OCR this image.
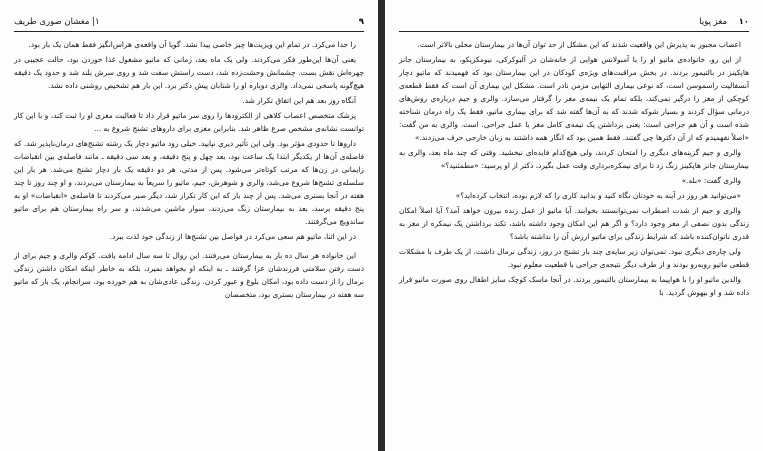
۹
۱| مغشان صوری طریف

را جدا می‌کرد. در تمام این ویزیت‌ها چیز خاصی پیدا نشد. گویا آن واقعه‌ی هراس‌انگیز فقط همان یک بار بود.

یعنی آن‌ها این‌طور فکر می‌کردند. ولی یک ماه بعد، زمانی که ماتیو مشغول غذا خوردن بود، حالت عجیبی در چهره‌اش نقش بست. چشمانش وحشت‌زده شد، دست راستش سفت شد و روی سرش بلند شد و حدود یک دقیقه هیچ‌گونه پاسخی نمی‌داد. والری دوباره او را شتابان پیش دکتر برد. این بار هم تشخیص روشنی داده نشد.

آنگاه روز بعد هم این اتفاق تکرار شد.

پزشک متخصص اعصاب کلاهی از الکترودها را روی سر ماتیو قرار داد تا فعالیت مغزی او را ثبت کند، و با این کار توانست نشانه‌ی مشخص صرع ظاهر شد. بنابراین مغزی برای داروهای تشنج شروع به ...

داروها تا حدودی مؤثر بود. ولی این تأثیر دیری نپایید. خیلی زود ماتیو دچار یک رشته تشنج‌های درمان‌ناپذیر شد. که فاصله‌ی آن‌ها از یکدیگر ابتدا یک ساعت بود، بعد چهل و پنج دقیقه، و بعد سی دقیقه ـ مانند فاصله‌ی بین انقباضات زایمانی در زن‌ها که مرتب کوتاه‌تر می‌شود. پس از مدتی، هر دو دقیقه یک بار دچار تشنج می‌شد. هر بار این سلسله‌ی تشنج‌ها شروع می‌شد، والری و شوهرش، جیم، ماتیو را سریعاً به بیمارستان می‌بردند، و او چند روز تا چند هفته در آنجا بستری می‌شد. پس از چند بار که این کار تکرار شد، دیگر صبر می‌کردند تا فاصله‌ی «انقباضات» او به پنج دقیقه برسد، بعد به بیمارستان زنگ می‌زدند، سوار ماشین می‌شدند، و سر راه بیمارستان هم برای ماتیو ساندویچ می‌گرفتند.

در این اثنا، ماتیو هم سعی می‌کرد در فواصل بین تشنج‌ها از زندگی خود لذت ببرد.

این خانواده هر سال ده بار به بیمارستان می‌رفتند. این روال تا سه سال ادامه یافت. کوکم والری و جیم برای از دست رفتن سلامتی فرزندشان عزا گرفتند ـ به اینکه او بخواهد بمیرد، بلکه به خاطر اینکه امکان داشتن زندگی نرمال را از دست داده بود، امکان بلوغ و عبور کردن. زندگی عادی‌شان به هم خورده بود. سرانجام، یک بار که ماتیو سه هفته در بیمارستان بستری بود، متخصصان

۱۰
مغز پویا

اعصاب مجبور به پذیرش این واقعیت شدند که این مشکل از حد توان آن‌ها در بیمارستان محلی بالاتر است.

از این رو، خانواده‌ی ماتیو او را با آمبولانس هوایی از خانه‌شان در آلبوکرکی، نیومکزیکو، به بیمارستان جانز هاپکینز در بالتیمور بردند. در بخش مراقبت‌های ویژه‌ی کودکان در این بیمارستان بود که فهمیدند که ماتیو دچار آنسفالیت راسموسن است، که نوعی بیماری التهابی مزمن نادر است. مشکل این بیماری آن است که فقط قطعه‌ی کوچکی از مغز را درگیر نمی‌کند، بلکه تمام یک نیمه‌ی مغز را گرفتار می‌سازد. والری و جیم درباره‌ی روش‌های درمانی سؤال کردند و بسیار شوکه شدند که به آن‌ها گفته شد که برای بیماری ماتیو، فقط یک راه درمان شناخته شده است و آن هم جراحی است: یعنی برداشتن یک نیمه‌ی کامل مغز با عمل جراحی. است. والری به من گفت: «اصلاً نفهمیدم که از آن دکترها چی گفتند. فقط همین بود که انگار همه داشتند به زبان خارجی حرف می‌زدند.»

والری و جیم گزینه‌های دیگری را امتحان کردند، ولی هیچ‌کدام فایده‌ای نبخشید. وقتی که چند ماه بعد، والری به بیمارستان جانز هاپکینز زنگ زد تا برای نیمکره‌برداری وقت عمل بگیرد، دکتر از او پرسید: «مطمئنید؟»

والری گفت: «بله.»

«می‌توانید هر روز در آینه به خودتان نگاه کنید و بدانید کاری را که لازم بوده، انتخاب کرده‌اید؟»

والری و جیم از شدت اضطراب نمی‌توانستند بخوابند. آیا ماتیو از عمل زنده بیرون خواهد آمد؟ آیا اصلاً امکان زندگی بدون نصفی از مغز وجود دارد؟ و اگر هم این امکان وجود داشته باشد، تکند برداشتن یک نیمکره از مغز به قدری ناتوان‌کننده باشد که شرایط زندگی برای ماتیو ارزش آن را نداشته باشد؟

ولی چاره‌ی دیگری نبود. نمی‌توان زیر سایه‌ی چند بار تشنج در روز، زندگی نرمال داشت. از یک طرف با مشکلات قطعی ماتیو روبه‌رو بودند و از طرف دیگر نتیجه‌ی جراحی با قطعیت معلوم نبود.

والدین ماتیو او را با هواپیما به بیمارستان بالتیمور بردند. در آنجا ماسک کوچک سایز اطفال روی صورت ماتیو قرار داده شد و او بیهوش گردید. با
